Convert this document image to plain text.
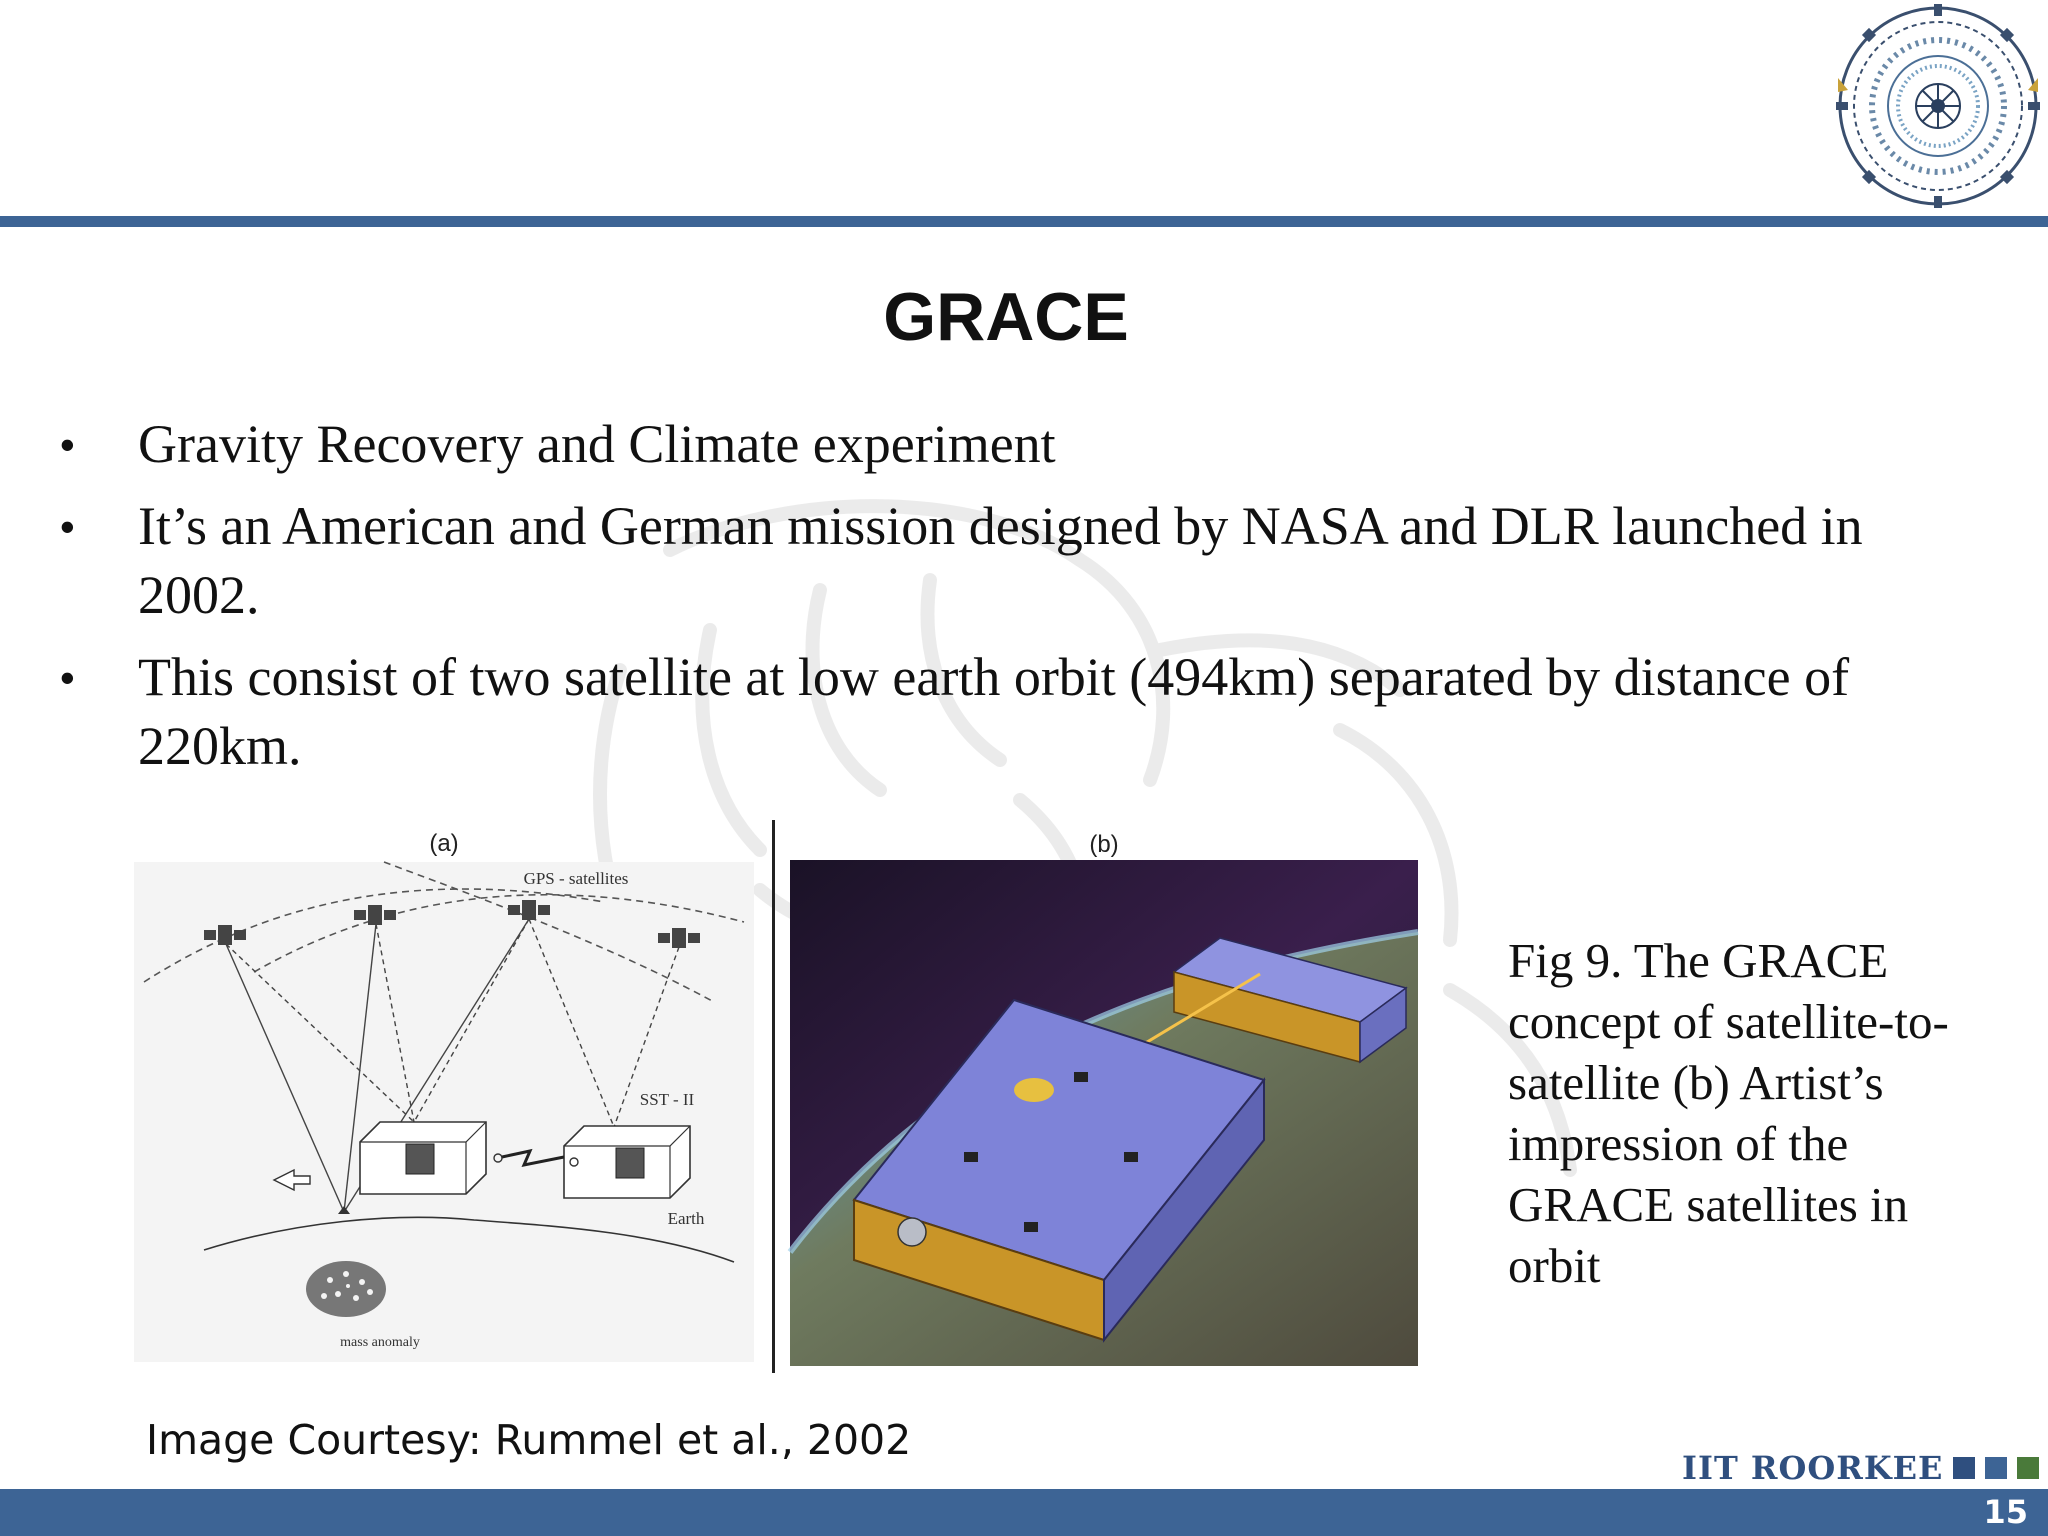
GRACE
• Gravity Recovery and Climate experiment
• It’s an American and German mission designed by NASA and DLR launched in 2002.
• This consist of two satellite at low earth orbit (494km) separated by distance of 220km.
(a)
GPS - satellites
SST - II
Earth
mass anomaly
(b)
Fig 9. The GRACE concept of satellite-to-satellite (b) Artist’s impression of the GRACE satellites in orbit
Image Courtesy: Rummel et al., 2002
IIT ROORKEE
15
